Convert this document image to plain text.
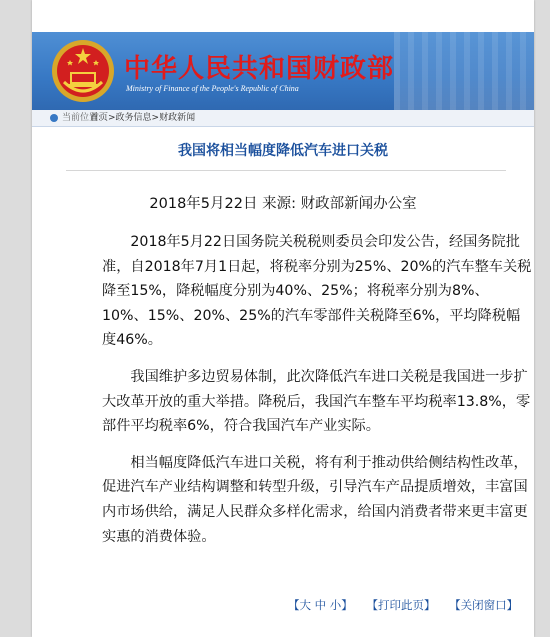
中华人民共和国财政部
Ministry of Finance of the People's Republic of China
当前位置:
首页>政务信息>财政新闻
我国将相当幅度降低汽车进口关税
2018年5月22日 来源: 财政部新闻办公室

2018年5月22日国务院关税税则委员会印发公告，经国务院批准，自2018年7月1日起，将税率分别为25%、20%的汽车整车关税降至15%，降税幅度分别为40%、25%；将税率分别为8%、10%、15%、20%、25%的汽车零部件关税降至6%，平均降税幅度46%。

我国维护多边贸易体制，此次降低汽车进口关税是我国进一步扩大改革开放的重大举措。降税后，我国汽车整车平均税率13.8%，零部件平均税率6%，符合我国汽车产业实际。

相当幅度降低汽车进口关税，将有利于推动供给侧结构性改革，促进汽车产业结构调整和转型升级，引导汽车产品提质增效，丰富国内市场供给，满足人民群众多样化需求，给国内消费者带来更丰富更实惠的消费体验。

【大 中 小】 【打印此页】 【关闭窗口】
